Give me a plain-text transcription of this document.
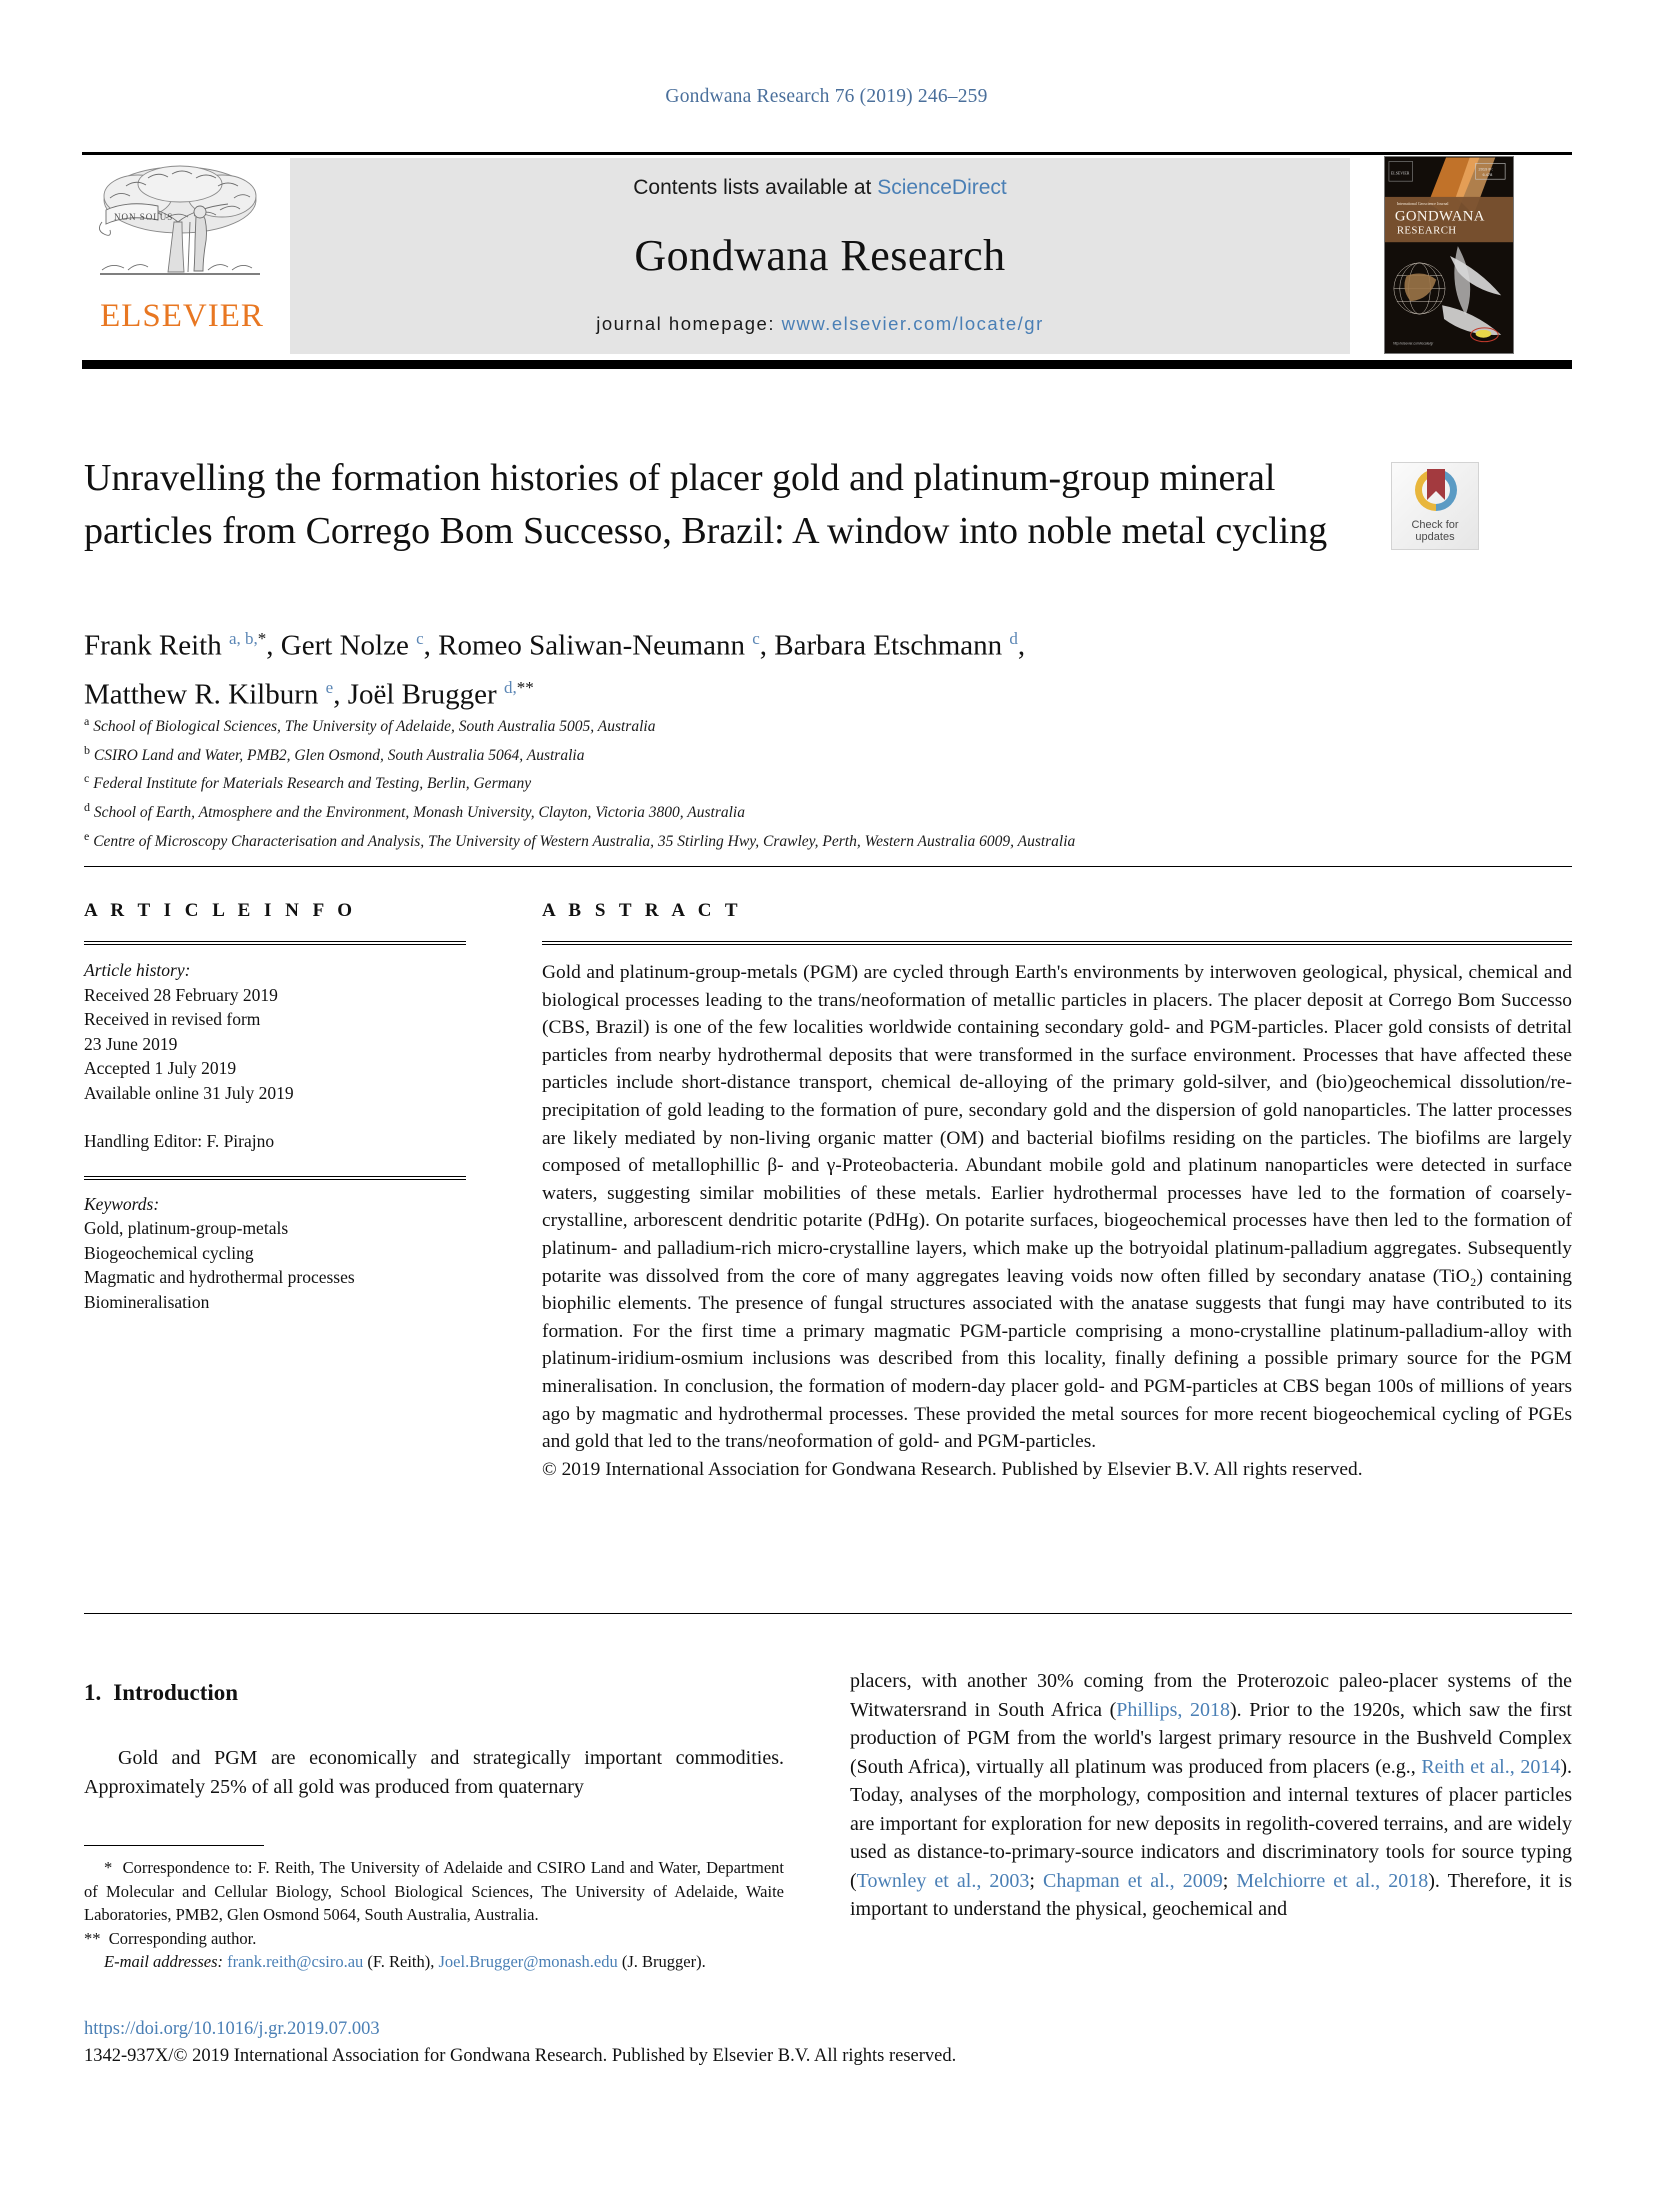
Gondwana Research 76 (2019) 246–259
NON SOLUS
ELSEVIER
Contents lists available at ScienceDirect
Gondwana Research
journal homepage: www.elsevier.com/locate/gr
International Geoscience Journal
GONDWANA
RESEARCH
ELSEVIER
2019 IF:
6.478
http://elsevier.com/locate/gr
Unravelling the formation histories of placer gold and platinum-group mineral particles from Corrego Bom Successo, Brazil: A window into noble metal cycling	Check for
updates
Frank Reith $^{a, b,*}$, Gert Nolze $^c$, Romeo Saliwan-Neumann $^c$, Barbara Etschmann $^d$,
Matthew R. Kilburn $^e$, Joël Brugger $^{d,**}$
$^a$ School of Biological Sciences, The University of Adelaide, South Australia 5005, Australia
$^b$ CSIRO Land and Water, PMB2, Glen Osmond, South Australia 5064, Australia
$^c$ Federal Institute for Materials Research and Testing, Berlin, Germany
$^d$ School of Earth, Atmosphere and the Environment, Monash University, Clayton, Victoria 3800, Australia
$^e$ Centre of Microscopy Characterisation and Analysis, The University of Western Australia, 35 Stirling Hwy, Crawley, Perth, Western Australia 6009, Australia
A R T I C L E I N F O
Article history:
Received 28 February 2019
Received in revised form
23 June 2019
Accepted 1 July 2019
Available online 31 July 2019
Handling Editor: F. Pirajno
Keywords:
Gold, platinum-group-metals
Biogeochemical cycling
Magmatic and hydrothermal processes
Biomineralisation
A B S T R A C T
Gold and platinum-group-metals (PGM) are cycled through Earth's environments by interwoven geological, physical, chemical and biological processes leading to the trans/neoformation of metallic particles in placers. The placer deposit at Corrego Bom Successo (CBS, Brazil) is one of the few localities worldwide containing secondary gold- and PGM-particles. Placer gold consists of detrital particles from nearby hydrothermal deposits that were transformed in the surface environment. Processes that have affected these particles include short-distance transport, chemical de-alloying of the primary gold-silver, and (bio)geochemical dissolution/re-precipitation of gold leading to the formation of pure, secondary gold and the dispersion of gold nanoparticles. The latter processes are likely mediated by non-living organic matter (OM) and bacterial biofilms residing on the particles. The biofilms are largely composed of metallophillic β- and γ-Proteobacteria. Abundant mobile gold and platinum nanoparticles were detected in surface waters, suggesting similar mobilities of these metals. Earlier hydrothermal processes have led to the formation of coarsely-crystalline, arborescent dendritic potarite (PdHg). On potarite surfaces, biogeochemical processes have then led to the formation of platinum- and palladium-rich micro-crystalline layers, which make up the botryoidal platinum-palladium aggregates. Subsequently potarite was dissolved from the core of many aggregates leaving voids now often filled by secondary anatase (TiO₂) containing biophilic elements. The presence of fungal structures associated with the anatase suggests that fungi may have contributed to its formation. For the first time a primary magmatic PGM-particle comprising a mono-crystalline platinum-palladium-alloy with platinum-iridium-osmium inclusions was described from this locality, finally defining a possible primary source for the PGM mineralisation. In conclusion, the formation of modern-day placer gold- and PGM-particles at CBS began 100s of millions of years ago by magmatic and hydrothermal processes. These provided the metal sources for more recent biogeochemical cycling of PGEs and gold that led to the trans/neoformation of gold- and PGM-particles.
© 2019 International Association for Gondwana Research. Published by Elsevier B.V. All rights reserved.
1. Introduction

Gold and PGM are economically and strategically important commodities. Approximately 25% of all gold was produced from quaternary

placers, with another 30% coming from the Proterozoic paleo-placer systems of the Witwatersrand in South Africa (Phillips, 2018). Prior to the 1920s, which saw the first production of PGM from the world's largest primary resource in the Bushveld Complex (South Africa), virtually all platinum was produced from placers (e.g., Reith et al., 2014). Today, analyses of the morphology, composition and internal textures of placer particles are important for exploration for new deposits in regolith-covered terrains, and are widely used as distance-to-primary-source indicators and discriminatory tools for source typing (Townley et al., 2003; Chapman et al., 2009; Melchiorre et al., 2018). Therefore, it is important to understand the physical, geochemical and

* Correspondence to: F. Reith, The University of Adelaide and CSIRO Land and Water, Department of Molecular and Cellular Biology, School Biological Sciences, The University of Adelaide, Waite Laboratories, PMB2, Glen Osmond 5064, South Australia, Australia.

** Corresponding author.

E-mail addresses: frank.reith@csiro.au (F. Reith), Joel.Brugger@monash.edu (J. Brugger).

https://doi.org/10.1016/j.gr.2019.07.003
1342-937X/© 2019 International Association for Gondwana Research. Published by Elsevier B.V. All rights reserved.
